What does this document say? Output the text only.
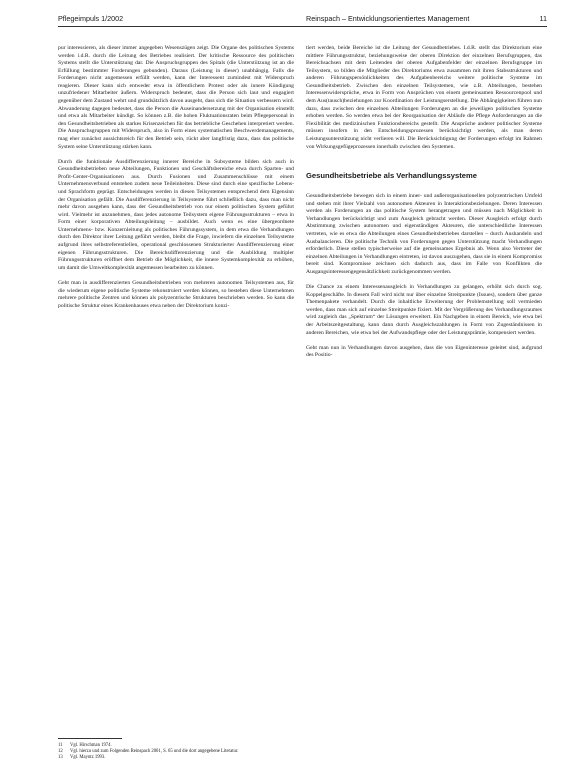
Pflegeimpuls 1/2002	Reinspach – Entwicklungsorientiertes Management	11

pur interessieren, als dieser immer angegeben Wesenszügen zeigt. Die Organe des politischen Systems werden i.d.R. durch die Leitung des Betriebes realisiert. Der kritische Ressource des politischen Systems stellt die Unterstützung dar. Die Anspruchsgruppen des Spitals (die Unterstützung ist an die Erfüllung bestimmter Forderungen gebunden). Daraus (Leistung in dieser) unabhängig. Falls die Forderungen nicht angemessen erfüllt werden, kann der Interessent zumindest mit Widerspruch reagieren. Dieser kann sich entweder etwa in öffentlichem Protest oder als innere Kündigung unzufriedener Mitarbeiter äußern. Widerspruch bedeutet, dass die Person sich laut und engagiert gegenüber dem Zustand wehrt und grundsätzlich davon ausgeht, dass sich die Situation verbessern wird. Abwanderung dagegen bedeutet, dass die Person die Auseinandersetzung mit der Organisation einstellt und etwa als Mitarbeiter kündigt. So können z.B. die hohen Fluktuationsraten beim Pflegepersonal in den Gesundheitsbetrieben als starkes Krisenzeichen für das betriebliche Geschehen interpretiert werden. Die Anspruchsgruppen mit Widerspruch, also in Form eines systematischen Beschwerdemanagements, mag eher zunächst aussichtsreich für den Betrieb sein, rückt aber langfristig dazu, dass das politische System seine Unterstützung stärken kann.

Durch die funktionale Ausdifferenzierung innerer Bereiche in Subsysteme bilden sich auch in Gesundheitsbetrieben neue Abteilungen, Funktionen und Geschäftsbereiche etwa durch Sparten- und Profit-Center-Organisationen aus. Durch Fusionen und Zusammenschlüsse mit einem Unternehmensverbund entstehen zudem neue Teileinheiten. Diese sind durch eine spezifische Lebens- und Sprachform geprägt. Entscheidungen werden in diesen Teilsystemen entsprechend dem Eigensinn der Organisation gefällt. Die Ausdifferenzierung in Teilsysteme führt schließlich dazu, dass man nicht mehr davon ausgehen kann, dass der Gesundheitsbetrieb von nur einem politischen System geführt wird. Vielmehr ist anzunehmen, dass jedes autonome Teilsystem eigene Führungsstrukturen – etwa in Form einer korporativen Abteilungsleitung – ausbildet. Auch wenn es eine übergeordnete Unternehmens- bzw. Konzernleitung als politisches Führungssystem, in dem etwa die Verhandlungen durch den Direktor ihrer Leitung geführt werden, bleibt die Frage, inwiefern die einzelnen Teilsysteme aufgrund ihres selbstreferentiellen, operational geschlossenen Strukturierter Ausdifferenzierung einer eigenen Führungsstrukturen. Die Bereichsdifferenzierung und die Ausbildung multipler Führungsstrukturen eröffnet dem Betrieb die Möglichkeit, die innere Systemkomplexität zu erhöhen, um damit die Umweltkomplexität angemessen bearbeiten zu können.

Geht man in ausdifferenzierten Gesundheitsbetrieben von mehreren autonomen Teilsystemen aus, für die wiederum eigene politische Systeme rekonstruiert werden können, so bestehen diese Unternehmen mehrere politische Zentren und können als polyzentrische Strukturen beschrieben werden. So kann die politische Struktur eines Krankenhauses etwa neben der Direktorium konzi-

tiert werden, beide Bereiche ist die Leitung der Gesundbetriebes. I.d.R. stellt das Direktorium eine mittlere Führungsstruktur, beziehungsweise der oberen Direktion der einzelnen Berufsgruppen, das Bereichsachsen mit dem Leitenden der oberen Aufgabenfelder der einzelnen Berufsgruppe im Teilsystem, so bilden die Mitglieder des Direktoriums etwa zusammen mit ihren Stabsstrukturen und anderen Führungspersönlichkeiten des Aufgabenbereichs weitere politische Systeme im Gesundheitsbetrieb. Zwischen den einzelnen Teilsystemen, wie z.B. Abteilungen, bestehen Interessenwidersprüche, etwa in Form von Ansprüchen von einem gemeinsamen Ressourcenpool und dem Aus(tausch)beziehungen zur Koordination der Leistungserstellung. Die Abhängigkeiten führen nun dazu, dass zwischen den einzelnen Abteilungen Forderungen an die jeweiligen politischen Systeme erhoben werden. So werden etwa bei der Reorganisation der Abläufe die Pflege Anforderungen an die Flexibilität des medizinischen Funktionsbereichs gestellt. Die Ansprüche anderer politischer Systeme müssen insofern in den Entscheidungsprozessen berücksichtigt werden, als man deren Leistungsunterstützung nicht verlieren will. Die Berücksichtigung der Forderungen erfolgt im Rahmen von Wirkungsgefügeprozessen innerhalb zwischen den Systemen.

Gesundheitsbetriebe als Verhandlungssysteme

Gesundheitsbetriebe bewegen sich in einem inner- und außerorganisationellen polyzentrischen Umfeld und stehen mit ihrer Vielzahl von autonomen Akteuren in Interaktionsbeziehungen. Deren Interessen werden als Forderungen an das politische System herangetragen und müssen nach Möglichkeit in Verhandlungen berücksichtigt und zum Ausgleich gebracht werden. Dieser Ausgleich erfolgt durch Abstimmung zwischen autonomen und eigenständigen Akteuren, die unterschiedliche Interessen vertreten, wie es etwa die Abteilungen eines Gesundheitsbetriebes darstellen – durch Aushandeln und Ausbalancieren. Die politische Technik von Forderungen gegen Unterstützung macht Verhandlungen erforderlich. Diese stellen typischerweise auf die gemeinsames Ergebnis ab. Wenn also Vertreter der einzelnen Abteilungen in Verhandlungen eintreten, ist davon auszugehen, dass sie in einem Kompromiss bereit sind. Kompromisse zeichnen sich dadurch aus, dass im Falle von Konflikten die Ausgangsinteressengegensätzlichkeit zurückgenommen werden.

Die Chance zu einem Interessenausgleich in Verhandlungen zu gelangen, erhöht sich durch sog. Koppelgeschäfte. In diesem Fall wird nicht nur über einzelne Streitpunkte (Issues), sondern über ganze Themenpakete verhandelt. Durch die inhaltliche Erweiterung der Problemstellung soll vermieden werden, dass man sich auf einzelne Streitpunkte fixiert. Mit der Vergrößerung des Verhandlungsraumes wird zugleich das „Spektrum“ der Lösungen erweitert. Ein Nachgeben in einem Bereich, wie etwa bei der Arbeitszeitgestaltung, kann dann durch Ausgleichszahlungen in Form von Zugeständnissen in anderen Bereichen, wie etwa bei der Aufwandspflege oder der Leistungsprämie, kompensiert werden.

Geht man nun in Verhandlungen davon ausgehen, dass die von Eigeninteresse geleitet sind, aufgrund des Positio-

11	Vgl. Hirschman 1974.
12	Vgl. hierzu und zum Folgenden Reinspach 2001, S. 65 und die dort angegebene Literatur.
13	Vgl. Mayntz 1993.
